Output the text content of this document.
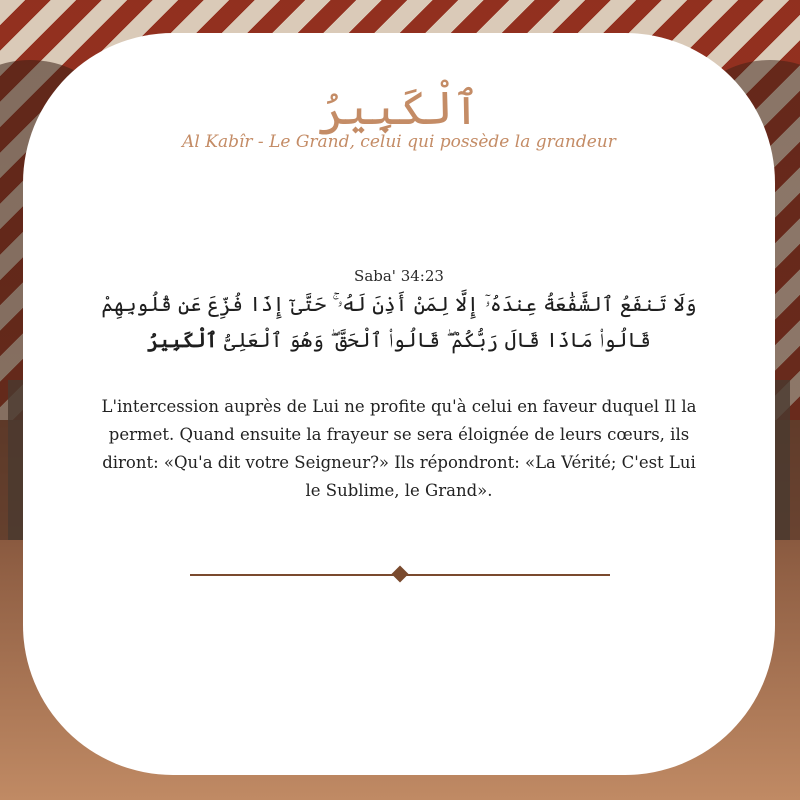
ٱلْكَبِيرُ
Al Kabîr - Le Grand, celui qui possède la grandeur
Saba' 34:23
وَلَا تَنفَعُ ٱلشَّفَٰعَةُ عِندَهُۥٓ إِلَّا لِمَنْ أَذِنَ لَهُۥ ۚ حَتَّىٰٓ إِذَا فُزِّعَ عَن قُلُوبِهِمْ قَالُوا۟ مَاذَا قَالَ رَبُّكُمْ ۖ قَالُوا۟ ٱلْحَقَّ ۖ وَهُوَ ٱلْعَلِىُّ ٱلْكَبِيرُ
L'intercession auprès de Lui ne profite qu'à celui en faveur duquel Il la permet. Quand ensuite la frayeur se sera éloignée de leurs cœurs, ils diront: «Qu'a dit votre Seigneur?» Ils répondront: «La Vérité; C'est Lui le Sublime, le Grand».
